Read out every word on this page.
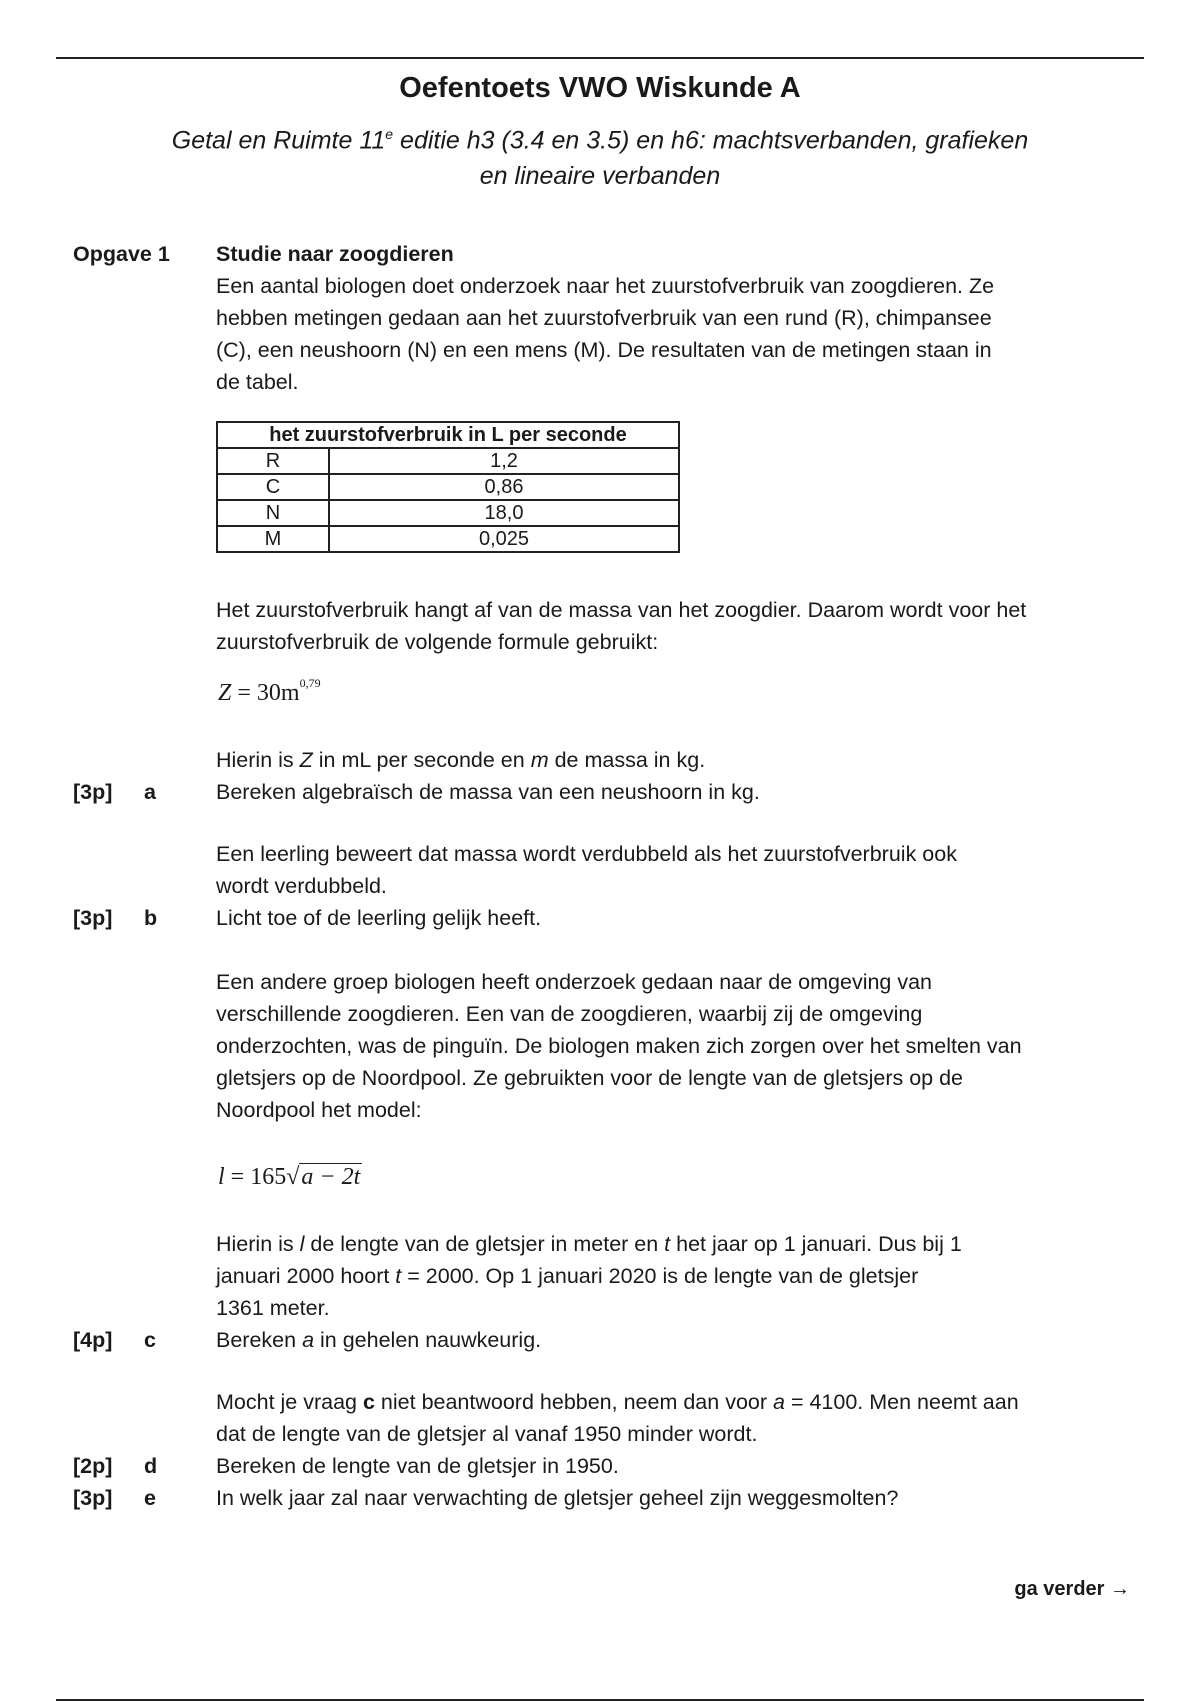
Oefentoets VWO Wiskunde A
Getal en Ruimte 11e editie h3 (3.4 en 3.5) en h6: machtsverbanden, grafieken
en lineaire verbanden
Opgave 1 Studie naar zoogdieren
Een aantal biologen doet onderzoek naar het zuurstofverbruik van zoogdieren. Ze
hebben metingen gedaan aan het zuurstofverbruik van een rund (R), chimpansee
(C), een neushoorn (N) en een mens (M). De resultaten van de metingen staan in
de tabel.
het zuurstofverbruik in L per seconde	
R	1,2
C	0,86
N	18,0
M	0,025
Het zuurstofverbruik hangt af van de massa van het zoogdier. Daarom wordt voor het
zuurstofverbruik de volgende formule gebruikt:
$Z = 30m^{0,79}$
Hierin is Z in mL per seconde en m de massa in kg.
[3p] a	Bereken algebraïsch de massa van een neushoorn in kg.
Een leerling beweert dat massa wordt verdubbeld als het zuurstofverbruik ook
wordt verdubbeld.
[3p] b	Licht toe of de leerling gelijk heeft.
Een andere groep biologen heeft onderzoek gedaan naar de omgeving van
verschillende zoogdieren. Een van de zoogdieren, waarbij zij de omgeving
onderzochten, was de pinguïn. De biologen maken zich zorgen over het smelten van
gletsjers op de Noordpool. Ze gebruikten voor de lengte van de gletsjers op de
Noordpool het model:
l = 165√a − 2t
Hierin is l de lengte van de gletsjer in meter en t het jaar op 1 januari. Dus bij 1
januari 2000 hoort t = 2000. Op 1 januari 2020 is de lengte van de gletsjer
1361 meter.
[4p] c	Bereken a in gehelen nauwkeurig.
Mocht je vraag c niet beantwoord hebben, neem dan voor a = 4100. Men neemt aan
dat de lengte van de gletsjer al vanaf 1950 minder wordt.
[2p] d	Bereken de lengte van de gletsjer in 1950.
[3p] e	In welk jaar zal naar verwachting de gletsjer geheel zijn weggesmolten?
ga verder →
